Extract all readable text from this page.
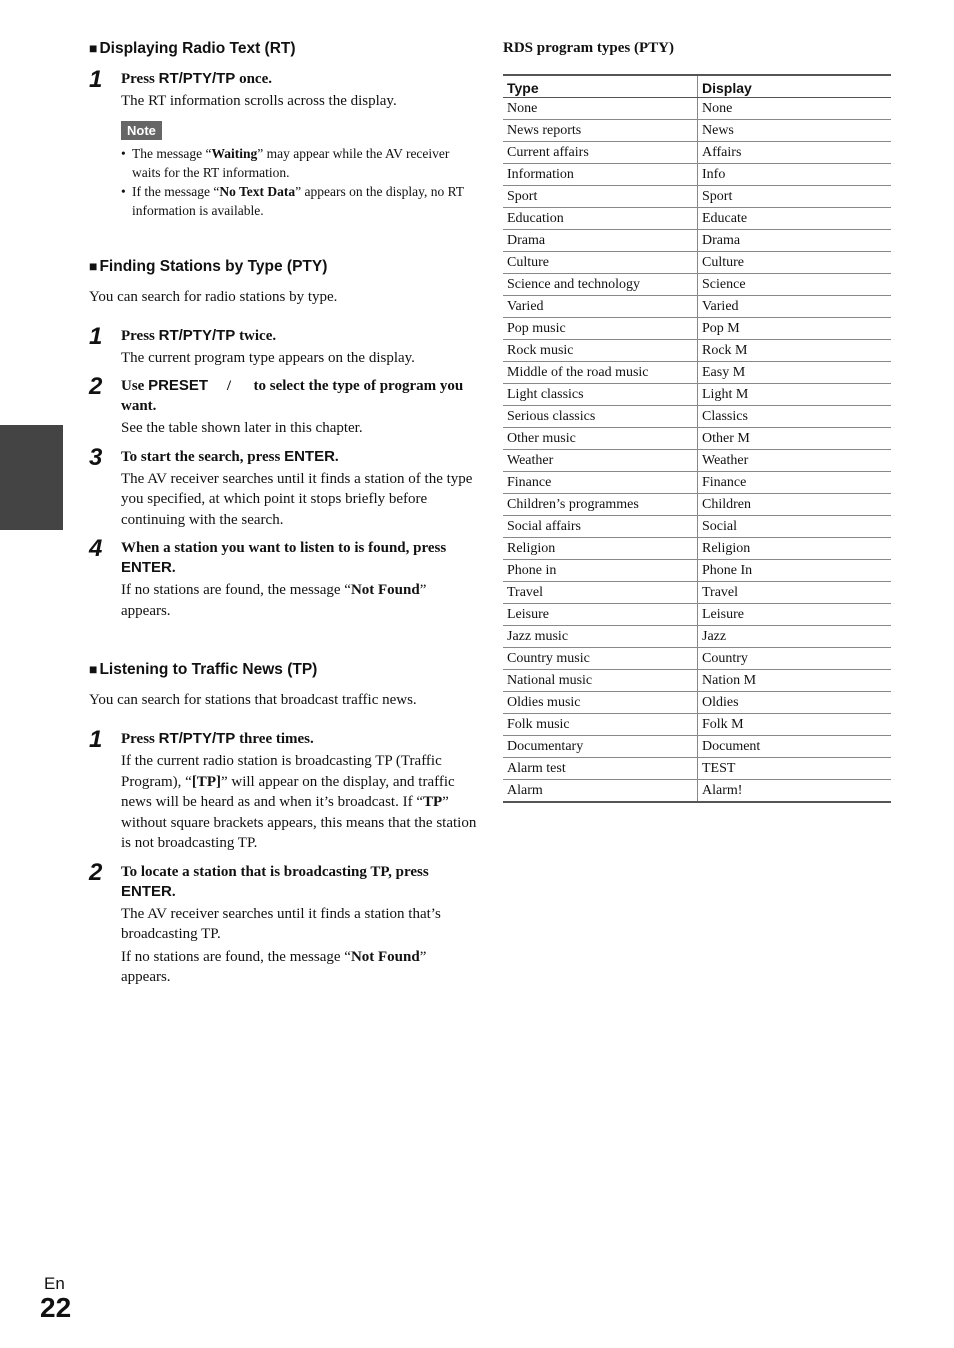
■ Displaying Radio Text (RT)
1 Press RT/PTY/TP once.

The RT information scrolls across the display.

Note
• The message “Waiting” may appear while the AV receiver waits for the RT information.
• If the message “No Text Data” appears on the display, no RT information is available.
■ Finding Stations by Type (PTY)

You can search for radio stations by type.

1 Press RT/PTY/TP twice.

The current program type appears on the display.

2 Use PRESET     /      to select the type of program you want.

See the table shown later in this chapter.

3 To start the search, press ENTER.

The AV receiver searches until it finds a station of the type you specified, at which point it stops briefly before continuing with the search.

4 When a station you want to listen to is found, press ENTER.

If no stations are found, the message “Not Found” appears.

■ Listening to Traffic News (TP)

You can search for stations that broadcast traffic news.

1 Press RT/PTY/TP three times.

If the current radio station is broadcasting TP (Traffic Program), “[TP]” will appear on the display, and traffic news will be heard as and when it’s broadcast. If “TP” without square brackets appears, this means that the station is not broadcasting TP.

2 To locate a station that is broadcasting TP, press ENTER.

The AV receiver searches until it finds a station that’s broadcasting TP.

If no stations are found, the message “Not Found” appears.

RDS program types (PTY)

Type	Display
None	None
News reports	News
Current affairs	Affairs
Information	Info
Sport	Sport
Education	Educate
Drama	Drama
Culture	Culture
Science and technology	Science
Varied	Varied
Pop music	Pop M
Rock music	Rock M
Middle of the road music	Easy M
Light classics	Light M
Serious classics	Classics
Other music	Other M
Weather	Weather
Finance	Finance
Children’s programmes	Children
Social affairs	Social
Religion	Religion
Phone in	Phone In
Travel	Travel
Leisure	Leisure
Jazz music	Jazz
Country music	Country
National music	Nation M
Oldies music	Oldies
Folk music	Folk M
Documentary	Document
Alarm test	TEST
Alarm	Alarm!
En
22
